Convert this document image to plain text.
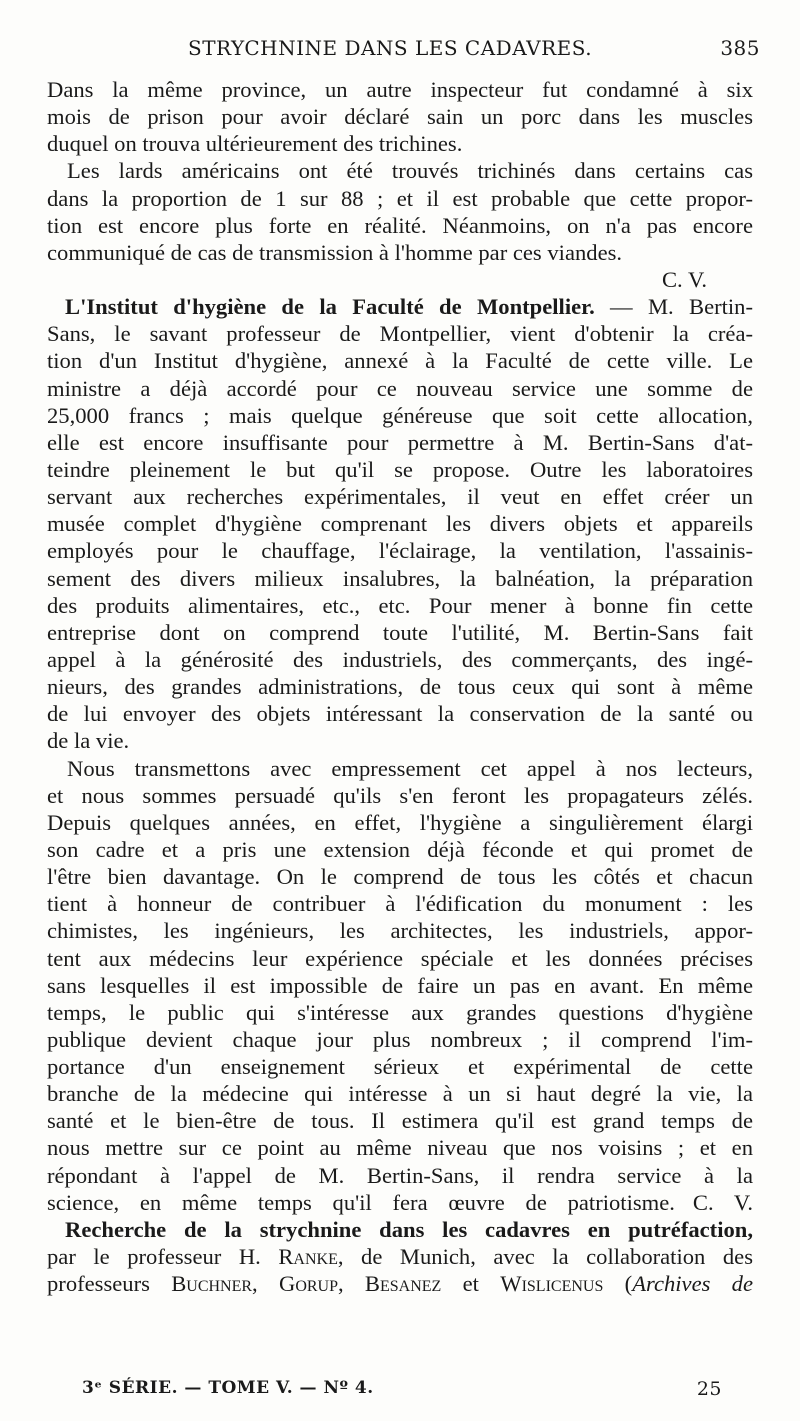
STRYCHNINE DANS LES CADAVRES.	385
Dans la même province, un autre inspecteur fut condamné à six
mois de prison pour avoir déclaré sain un porc dans les muscles
duquel on trouva ultérieurement des trichines.
Les lards américains ont été trouvés trichinés dans certains cas
dans la proportion de 1 sur 88 ; et il est probable que cette propor-
tion est encore plus forte en réalité. Néanmoins, on n'a pas encore
communiqué de cas de transmission à l'homme par ces viandes.
C. V.
L'Institut d'hygiène de la Faculté de Montpellier. — M. Bertin-
Sans, le savant professeur de Montpellier, vient d'obtenir la créa-
tion d'un Institut d'hygiène, annexé à la Faculté de cette ville. Le
ministre a déjà accordé pour ce nouveau service une somme de
25,000 francs ; mais quelque généreuse que soit cette allocation,
elle est encore insuffisante pour permettre à M. Bertin-Sans d'at-
teindre pleinement le but qu'il se propose. Outre les laboratoires
servant aux recherches expérimentales, il veut en effet créer un
musée complet d'hygiène comprenant les divers objets et appareils
employés pour le chauffage, l'éclairage, la ventilation, l'assainis-
sement des divers milieux insalubres, la balnéation, la préparation
des produits alimentaires, etc., etc. Pour mener à bonne fin cette
entreprise dont on comprend toute l'utilité, M. Bertin-Sans fait
appel à la générosité des industriels, des commerçants, des ingé-
nieurs, des grandes administrations, de tous ceux qui sont à même
de lui envoyer des objets intéressant la conservation de la santé ou
de la vie.
Nous transmettons avec empressement cet appel à nos lecteurs,
et nous sommes persuadé qu'ils s'en feront les propagateurs zélés.
Depuis quelques années, en effet, l'hygiène a singulièrement élargi
son cadre et a pris une extension déjà féconde et qui promet de
l'être bien davantage. On le comprend de tous les côtés et chacun
tient à honneur de contribuer à l'édification du monument : les
chimistes, les ingénieurs, les architectes, les industriels, appor-
tent aux médecins leur expérience spéciale et les données précises
sans lesquelles il est impossible de faire un pas en avant. En même
temps, le public qui s'intéresse aux grandes questions d'hygiène
publique devient chaque jour plus nombreux ; il comprend l'im-
portance d'un enseignement sérieux et expérimental de cette
branche de la médecine qui intéresse à un si haut degré la vie, la
santé et le bien-être de tous. Il estimera qu'il est grand temps de
nous mettre sur ce point au même niveau que nos voisins ; et en
répondant à l'appel de M. Bertin-Sans, il rendra service à la
science, en même temps qu'il fera œuvre de patriotisme. C. V.
Recherche de la strychnine dans les cadavres en putréfaction,
par le professeur H. Ranke, de Munich, avec la collaboration des
professeurs Buchner, Gorup, Besanez et Wislicenus (Archives de
3ᵉ SÉRIE. — TOME V. — Nº 4.	25
